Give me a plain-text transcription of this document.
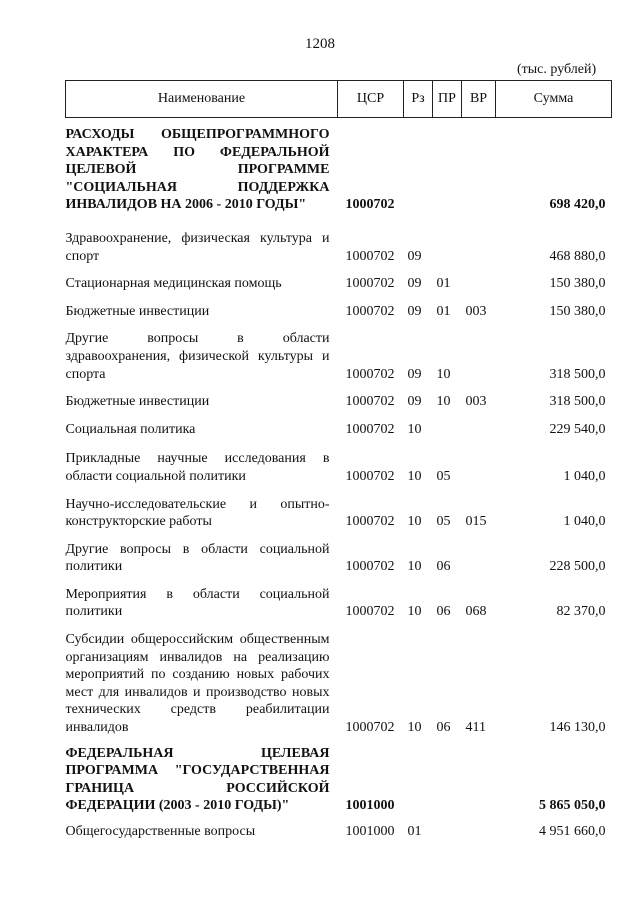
1208
(тыс. рублей)
Наименование	ЦСР	Рз	ПР	ВР	Сумма
РАСХОДЫ ОБЩЕПРОГРАММНОГО ХАРАКТЕРА ПО ФЕДЕРАЛЬНОЙ ЦЕЛЕВОЙ ПРОГРАММЕ "СОЦИАЛЬНАЯ ПОДДЕРЖКА ИНВАЛИДОВ НА 2006 - 2010 ГОДЫ"	1000702				698 420,0
Здравоохранение, физическая культура и спорт	1000702	09			468 880,0
Стационарная медицинская помощь	1000702	09	01		150 380,0
Бюджетные инвестиции	1000702	09	01	003	150 380,0
Другие вопросы в области здравоохранения, физической культуры и спорта	1000702	09	10		318 500,0
Бюджетные инвестиции	1000702	09	10	003	318 500,0
Социальная политика	1000702	10			229 540,0
Прикладные научные исследования в области социальной политики	1000702	10	05		1 040,0
Научно-исследовательские и опытно-конструкторские работы	1000702	10	05	015	1 040,0
Другие вопросы в области социальной политики	1000702	10	06		228 500,0
Мероприятия в области социальной политики	1000702	10	06	068	82 370,0
Субсидии общероссийским общественным организациям инвалидов на реализацию мероприятий по созданию новых рабочих мест для инвалидов и производство новых технических средств реабилитации инвалидов	1000702	10	06	411	146 130,0
ФЕДЕРАЛЬНАЯ ЦЕЛЕВАЯ ПРОГРАММА "ГОСУДАРСТВЕННАЯ ГРАНИЦА РОССИЙСКОЙ ФЕДЕРАЦИИ (2003 - 2010 ГОДЫ)"	1001000				5 865 050,0
Общегосударственные вопросы	1001000	01			4 951 660,0
